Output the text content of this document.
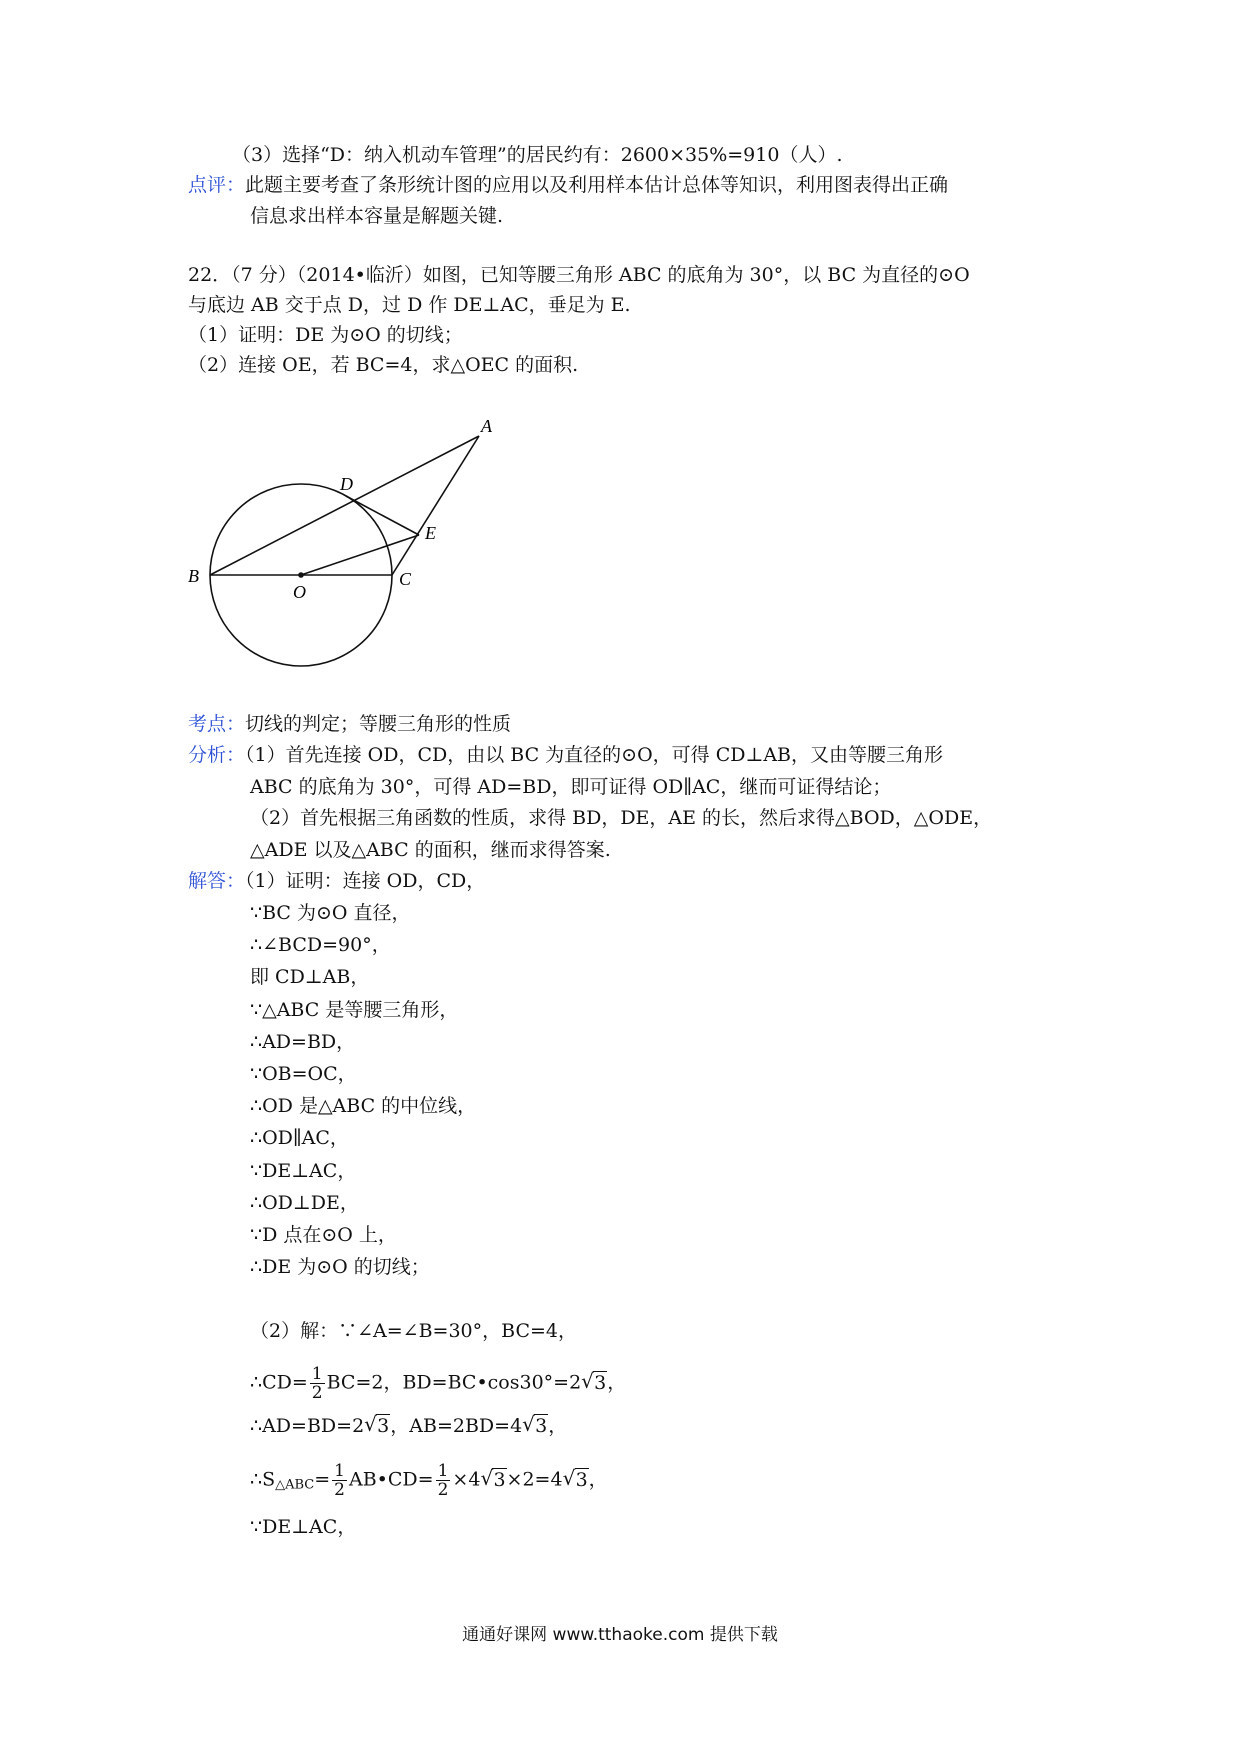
（3）选择“D：纳入机动车管理”的居民约有：2600×35%=910（人）.
点评：此题主要考查了条形统计图的应用以及利用样本估计总体等知识，利用图表得出正确
信息求出样本容量是解题关键.
22．（7 分）（2014•临沂）如图，已知等腰三角形 ABC 的底角为 30°，以 BC 为直径的⊙O
与底边 AB 交于点 D，过 D 作 DE⊥AC，垂足为 E.
（1）证明：DE 为⊙O 的切线；
（2）连接 OE，若 BC=4，求△OEC 的面积.
A
D
E
B
O
C
考点：切线的判定；等腰三角形的性质
分析：（1）首先连接 OD，CD，由以 BC 为直径的⊙O，可得 CD⊥AB，又由等腰三角形
ABC 的底角为 30°，可得 AD=BD，即可证得 OD∥AC，继而可证得结论；
（2）首先根据三角函数的性质，求得 BD，DE，AE 的长，然后求得△BOD，△ODE，
△ADE 以及△ABC 的面积，继而求得答案.
解答：（1）证明：连接 OD，CD，
∵BC 为⊙O 直径，
∴∠BCD=90°，
即 CD⊥AB，
∵△ABC 是等腰三角形，
∴AD=BD，
∵OB=OC，
∴OD 是△ABC 的中位线，
∴OD∥AC，
∵DE⊥AC，
∴OD⊥DE，
∵D 点在⊙O 上，
∴DE 为⊙O 的切线；
（2）解：∵∠A=∠B=30°，BC=4，
∴CD= $\frac{1}{2} BC=2$，BD=BC•cos30°=2√ 3，
∴AD=BD=2√ 3，AB=2BD=4√ 3，
$\therefore S_{\triangle ABC}= \frac{1}{2}$ AB•CD= $\frac{1}{2} \times 4√$ 3×2=4√ 3，
∵DE⊥AC，
通通好课网 www.tthaoke.com 提供下载
